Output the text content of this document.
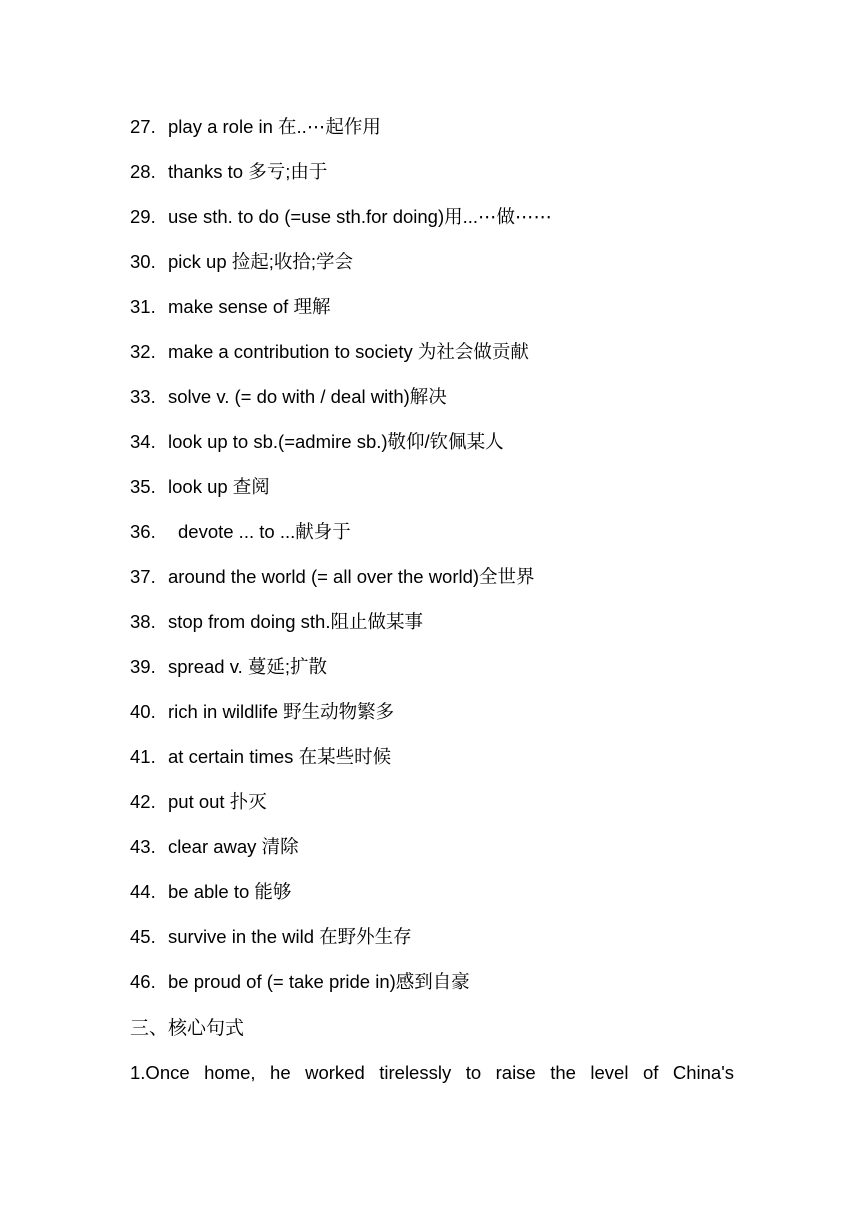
27. play a role in 在..⋯起作用
28. thanks to 多亏;由于
29. use sth. to do (=use sth.for doing)用...⋯做⋯⋯
30. pick up 捡起;收拾;学会
31. make sense of 理解
32. make a contribution to society 为社会做贡献
33. solve v. (= do with / deal with)解决
34. look up to sb.(=admire sb.)敬仰/钦佩某人
35. look up 查阅
36.	devote ... to ...献身于
37. around the world (= all over the world)全世界
38. stop from doing sth.阻止做某事
39. spread v. 蔓延;扩散
40. rich in wildlife 野生动物繁多
41. at certain times 在某些时候
42. put out 扑灭
43. clear away 清除
44. be able to 能够
45. survive in the wild 在野外生存
46. be proud of (= take pride in)感到自豪
三、核心句式
1.Once home, he worked tirelessly to raise the level of China's
